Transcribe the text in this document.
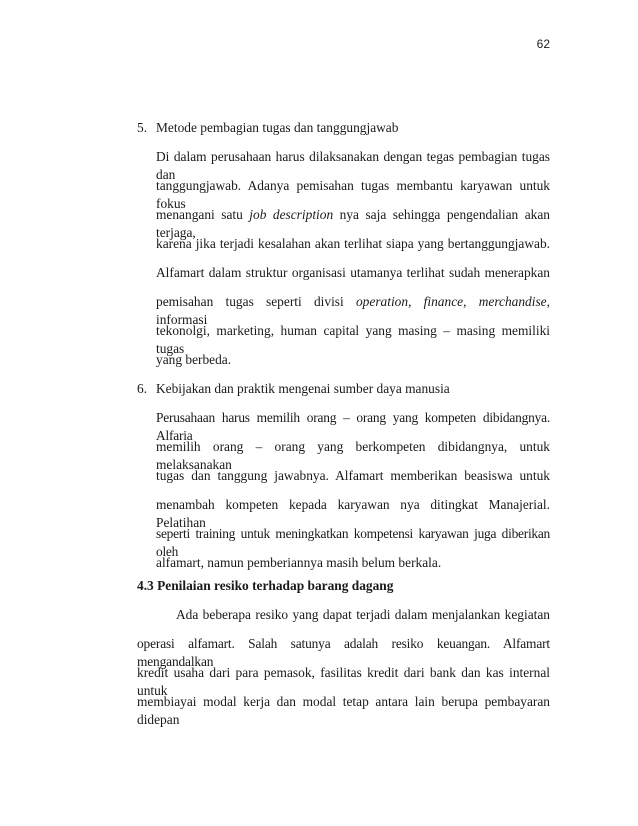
62
5. Metode pembagian tugas dan tanggungjawab
Di dalam perusahaan harus dilaksanakan dengan tegas pembagian tugas dan
tanggungjawab. Adanya pemisahan tugas membantu karyawan untuk fokus
menangani satu job description nya saja sehingga pengendalian akan terjaga,
karena jika terjadi kesalahan akan terlihat siapa yang bertanggungjawab.
Alfamart dalam struktur organisasi utamanya terlihat sudah menerapkan
pemisahan tugas seperti divisi operation, finance, merchandise, informasi
tekonolgi, marketing, human capital yang masing – masing memiliki tugas
yang berbeda.
6. Kebijakan dan praktik mengenai sumber daya manusia
Perusahaan harus memilih orang – orang yang kompeten dibidangnya. Alfaria
memilih orang – orang yang berkompeten dibidangnya, untuk melaksanakan
tugas dan tanggung jawabnya. Alfamart memberikan beasiswa untuk
menambah kompeten kepada karyawan nya ditingkat Manajerial. Pelatihan
seperti training untuk meningkatkan kompetensi karyawan juga diberikan oleh
alfamart, namun pemberiannya masih belum berkala.
4.3 Penilaian resiko terhadap barang dagang
Ada beberapa resiko yang dapat terjadi dalam menjalankan kegiatan
operasi alfamart. Salah satunya adalah resiko keuangan. Alfamart mengandalkan
kredit usaha dari para pemasok, fasilitas kredit dari bank dan kas internal untuk
membiayai modal kerja dan modal tetap antara lain berupa pembayaran didepan
